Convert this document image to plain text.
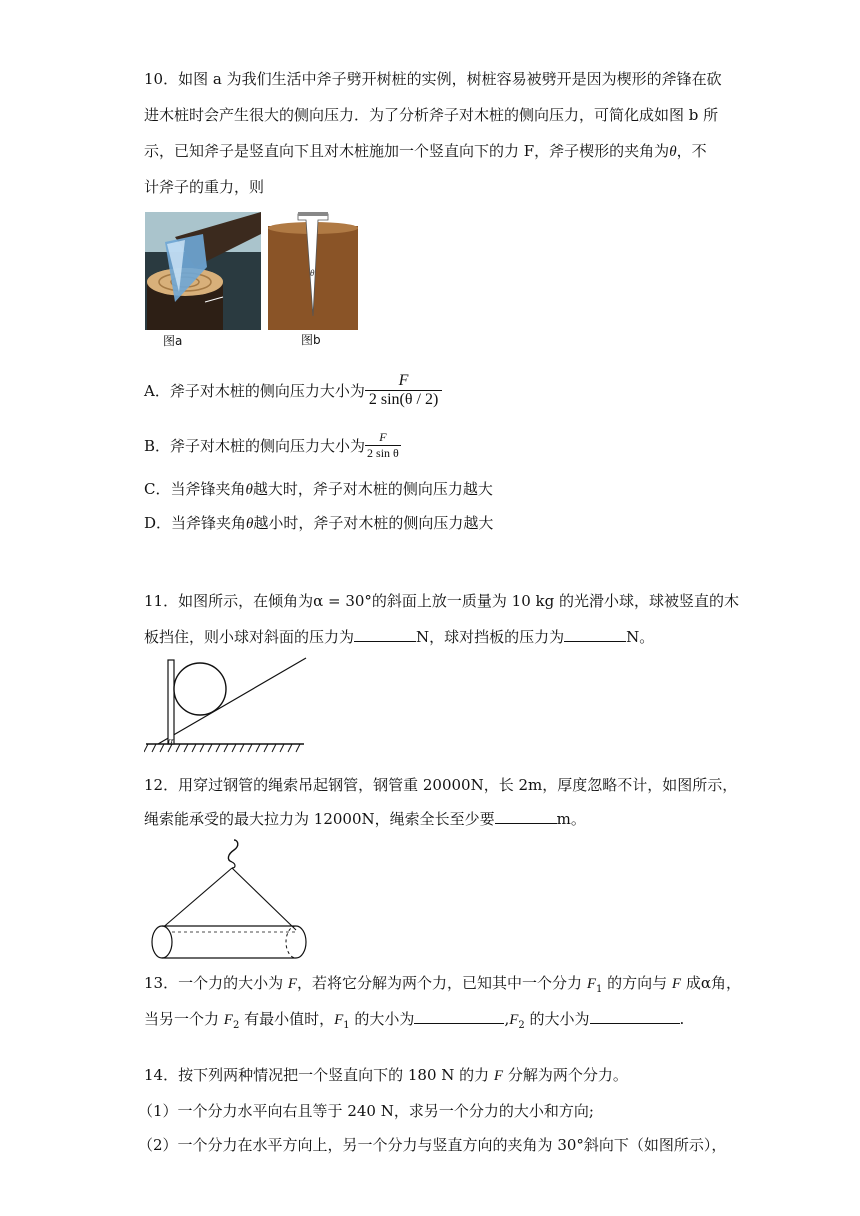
10．如图 a 为我们生活中斧子劈开树桩的实例，树桩容易被劈开是因为楔形的斧锋在砍
进木桩时会产生很大的侧向压力．为了分析斧子对木桩的侧向压力，可简化成如图 b 所
示，已知斧子是竖直向下且对木桩施加一个竖直向下的力 F，斧子楔形的夹角为θ，不
计斧子的重力，则
图a
θ
图b
A．斧子对木桩的侧向压力大小为 $\frac{F}{2 \sin(\theta / 2)}$
B．斧子对木桩的侧向压力大小为 $\frac{F}{\text{2 sin θ}}$
C．当斧锋夹角θ越大时，斧子对木桩的侧向压力越大
D．当斧锋夹角θ越小时，斧子对木桩的侧向压力越大
11．如图所示，在倾角为α = 30°的斜面上放一质量为 10 kg 的光滑小球，球被竖直的木
板挡住，则小球对斜面的压力为	N，球对挡板的压力为	N。
α
12．用穿过钢管的绳索吊起钢管，钢管重 20000N，长 2m，厚度忽略不计，如图所示，
绳索能承受的最大拉力为 12000N，绳索全长至少要	m。
13．一个力的大小为 F，若将它分解为两个力，已知其中一个分力 $F_1$ 的方向与 F 成α角，
当另一个力 $F_2$ 有最小值时，$F_1$ 的大小为	$,F_2$ 的大小为	.
14．按下列两种情况把一个竖直向下的 180 N 的力 F 分解为两个分力。
（1）一个分力水平向右且等于 240 N，求另一个分力的大小和方向;
（2）一个分力在水平方向上，另一个分力与竖直方向的夹角为 30°斜向下（如图所示），
